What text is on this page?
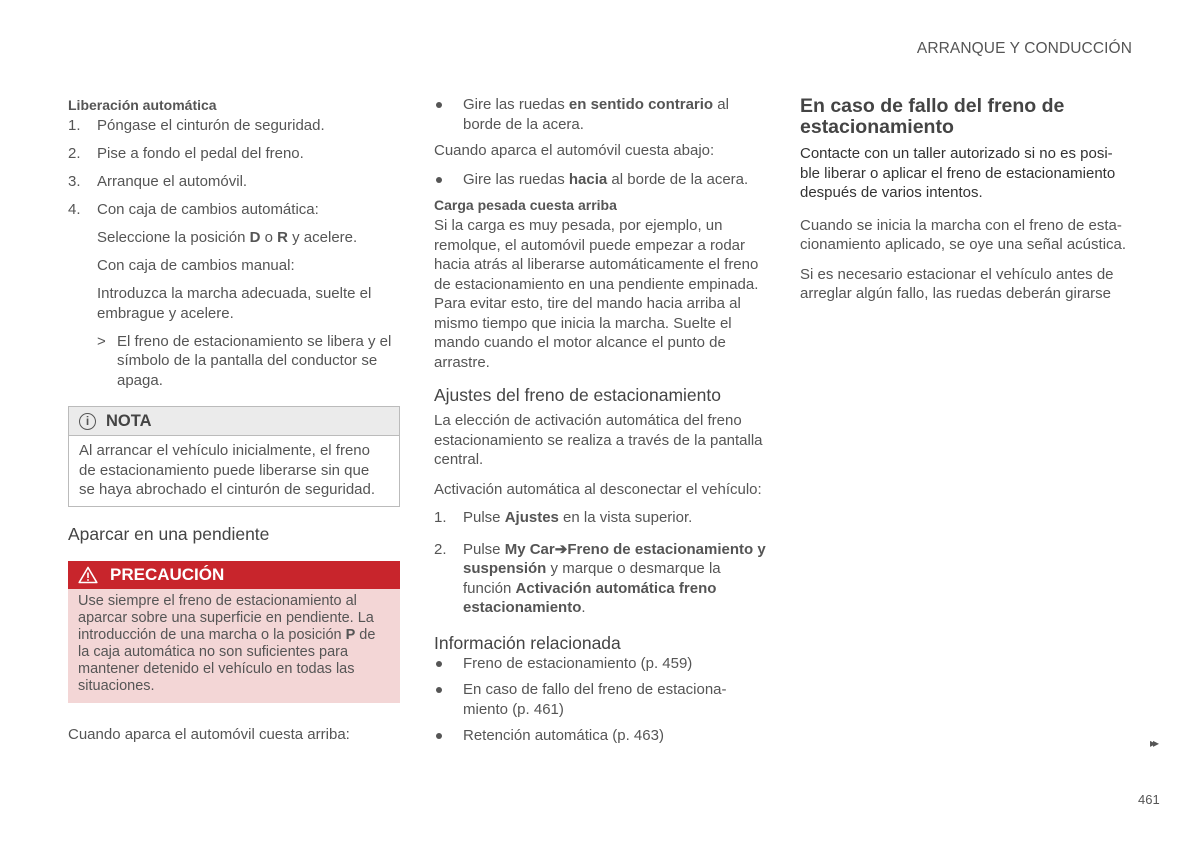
ARRANQUE Y CONDUCCIÓN
Liberación automática
1. Póngase el cinturón de seguridad.
2. Pise a fondo el pedal del freno.
3. Arranque el automóvil.
4. Con caja de cambios automática:
Seleccione la posición D o R y acelere.
Con caja de cambios manual:
Introduzca la marcha adecuada, suelte el embrague y acelere.
> El freno de estacionamiento se libera y el símbolo de la pantalla del conductor se apaga.
i	NOTA
Al arrancar el vehículo inicialmente, el freno de estacionamiento puede liberarse sin que se haya abrochado el cinturón de seguridad.
Aparcar en una pendiente
PRECAUCIÓN
Use siempre el freno de estacionamiento al aparcar sobre una superficie en pendiente. La introducción de una marcha o la posición P de la caja automática no son suficientes para mantener detenido el vehículo en todas las situaciones.

Cuando aparca el automóvil cuesta arriba:

Gire las ruedas en sentido contrario al borde de la acera.

Cuando aparca el automóvil cuesta abajo:

Gire las ruedas hacia al borde de la acera.
Carga pesada cuesta arriba

Si la carga es muy pesada, por ejemplo, un remolque, el automóvil puede empezar a rodar hacia atrás al liberarse automáticamente el freno de estacionamiento en una pendiente empinada. Para evitar esto, tire del mando hacia arriba al mismo tiempo que inicia la marcha. Suelte el mando cuando el motor alcance el punto de arrastre.

Ajustes del freno de estacionamiento

La elección de activación automática del freno estacionamiento se realiza a través de la pantalla central.

Activación automática al desconectar el vehículo:

1. Pulse Ajustes en la vista superior.
2. Pulse My Car➔Freno de estacionamiento y suspensión y marque o desmarque la función Activación automática freno estacionamiento.
Información relacionada
Freno de estacionamiento (p. 459)
En caso de fallo del freno de estaciona-miento (p. 461)
Retención automática (p. 463)
En caso de fallo del freno de estacionamiento

Contacte con un taller autorizado si no es posi-ble liberar o aplicar el freno de estacionamiento después de varios intentos.

Cuando se inicia la marcha con el freno de esta-cionamiento aplicado, se oye una señal acústica.

Si es necesario estacionar el vehículo antes de arreglar algún fallo, las ruedas deberán girarse

▸▸
461
